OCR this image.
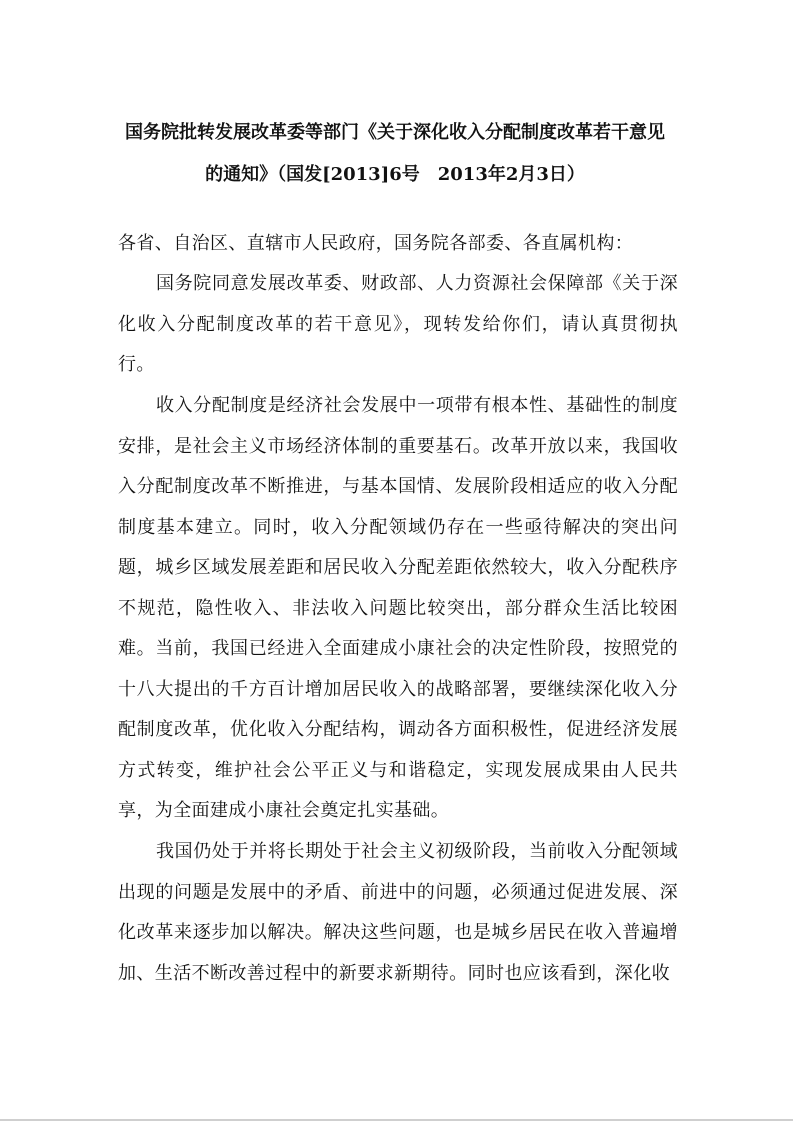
国务院批转发展改革委等部门《关于深化收入分配制度改革若干意见
的通知》（国发[2013]6号　2013年2月3日）
各省、自治区、直辖市人民政府，国务院各部委、各直属机构：
国务院同意发展改革委、财政部、人力资源社会保障部《关于深化收入分配制度改革的若干意见》，现转发给你们，请认真贯彻执行。
收入分配制度是经济社会发展中一项带有根本性、基础性的制度安排，是社会主义市场经济体制的重要基石。改革开放以来，我国收入分配制度改革不断推进，与基本国情、发展阶段相适应的收入分配制度基本建立。同时，收入分配领域仍存在一些亟待解决的突出问题，城乡区域发展差距和居民收入分配差距依然较大，收入分配秩序不规范，隐性收入、非法收入问题比较突出，部分群众生活比较困难。当前，我国已经进入全面建成小康社会的决定性阶段，按照党的十八大提出的千方百计增加居民收入的战略部署，要继续深化收入分配制度改革，优化收入分配结构，调动各方面积极性，促进经济发展方式转变，维护社会公平正义与和谐稳定，实现发展成果由人民共享，为全面建成小康社会奠定扎实基础。
我国仍处于并将长期处于社会主义初级阶段，当前收入分配领域出现的问题是发展中的矛盾、前进中的问题，必须通过促进发展、深化改革来逐步加以解决。解决这些问题，也是城乡居民在收入普遍增加、生活不断改善过程中的新要求新期待。同时也应该看到，深化收
